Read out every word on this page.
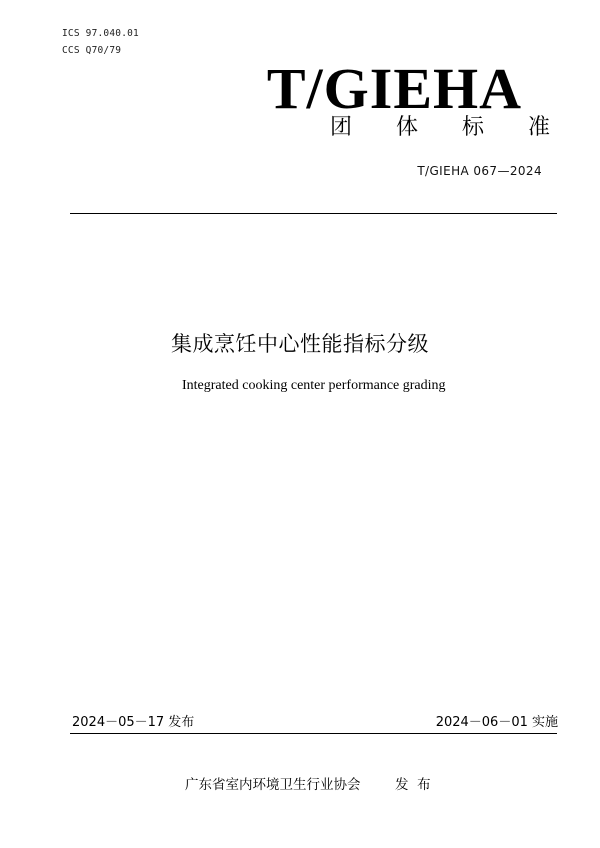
ICS 97.040.01
CCS Q70/79
T/GIEHA
团 体 标 准
T/GIEHA 067—2024
集成烹饪中心性能指标分级
Integrated cooking center performance grading
2024－05－17 发布	2024－06－01 实施
广东省室内环境卫生行业协会	发  布
